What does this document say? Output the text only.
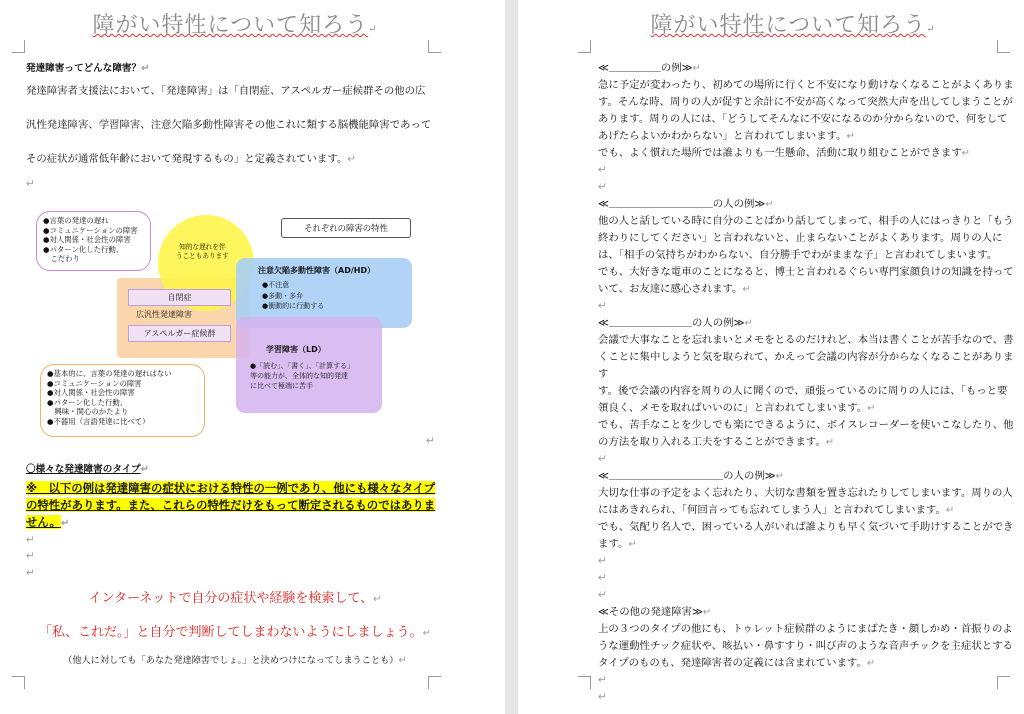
障がい特性について知ろう↵
発達障害ってどんな障害？↵
発達障害者支援法において、「発達障害」は「自閉症、アスペルガー症候群その他の広
汎性発達障害、学習障害、注意欠陥多動性障害その他これに類する脳機能障害であって
その症状が通常低年齢において発現するもの」と定義されています。↵
↵
知的な遅れを伴
うこともあります
自閉症
広汎性発達障害
アスペルガー症候群
それぞれの障害の特性
注意欠陥多動性障害（AD/HD）
●不注意
●多動・多弁
●衝動的に行動する
学習障害（LD）
●「読む」、「書く」、「計算する」
等の能力が、全体的な知的発達
に比べて極端に苦手
●言葉の発達の遅れ
●コミュニケーションの障害
●対人関係・社会性の障害
●パターン化した行動、
　こだわり
●基本的に、言葉の発達の遅れはない
●コミュニケーションの障害
●対人関係・社会性の障害
●パターン化した行動、
　興味・関心のかたより
●不器用（言語発達に比べて）
↵
〇様々な発達障害のタイプ↵
※　以下の例は発達障害の症状における特性の一例であり、他にも様々なタイプ
の特性があります。また、これらの特性だけをもって断定されるものではありま
せん。↵
↵
↵
↵
インターネットで自分の症状や経験を検索して、↵
「私、これだ。」と自分で判断してしまわないようにしましょう。↵
（他人に対しても「あなた発達障害でしょ。」と決めつけになってしまうことも）↵
障がい特性について知ろう↵
≪＿＿＿＿＿の例≫↵
急に予定が変わったり、初めての場所に行くと不安になり動けなくなることがよくありま
す。そんな時、周りの人が促すと余計に不安が高くなって突然大声を出してしまうことが
あります。周りの人には、「どうしてそんなに不安になるのか分からないので、何をして
あげたらよいかわからない」と言われてしまいます。↵
でも、よく慣れた場所では誰よりも一生懸命、活動に取り組むことができます↵
↵
↵
≪＿＿＿＿＿＿＿＿＿＿の人の例≫↵
他の人と話している時に自分のことばかり話してしまって、相手の人にはっきりと「もう
終わりにしてください」と言われないと、止まらないことがよくあります。周りの人に
は、「相手の気持ちがわからない、自分勝手でわがままな子」と言われてしまいます。
でも、大好きな電車のことになると、博士と言われるぐらい専門家顔負けの知識を持って
いて、お友達に感心されます。↵
↵
≪＿＿＿＿＿＿＿＿の人の例≫↵
会議で大事なことを忘れまいとメモをとるのだけれど、本当は書くことが苦手なので、書
くことに集中しようと気を取られて、かえって会議の内容が分からなくなることがあります
す。後で会議の内容を周りの人に聞くので、頑張っているのに周りの人には、「もっと要
領良く、メモを取ればいいのに」と言われてしまいます。↵
でも、苦手なことを少しでも楽にできるように、ボイスレコーダーを使いこなしたり、他
の方法を取り入れる工夫をすることができます。↵
↵
≪＿＿＿＿＿＿＿＿＿＿＿の人の例≫↵
大切な仕事の予定をよく忘れたり、大切な書類を置き忘れたりしてしまいます。周りの人
にはあきれられ、「何回言っても忘れてしまう人」と言われてしまいます。↵
でも、気配り名人で、困っている人がいれば誰よりも早く気づいて手助けすることができ
ます。↵
↵
↵
↵
≪その他の発達障害≫↵
上の３つのタイプの他にも、トゥレット症候群のようにまばたき・顔しかめ・首振りのよ
うな運動性チック症状や、咳払い・鼻すすり・叫び声のような音声チックを主症状とする
タイプのものも、発達障害者の定義には含まれています。↵
↵
↵
